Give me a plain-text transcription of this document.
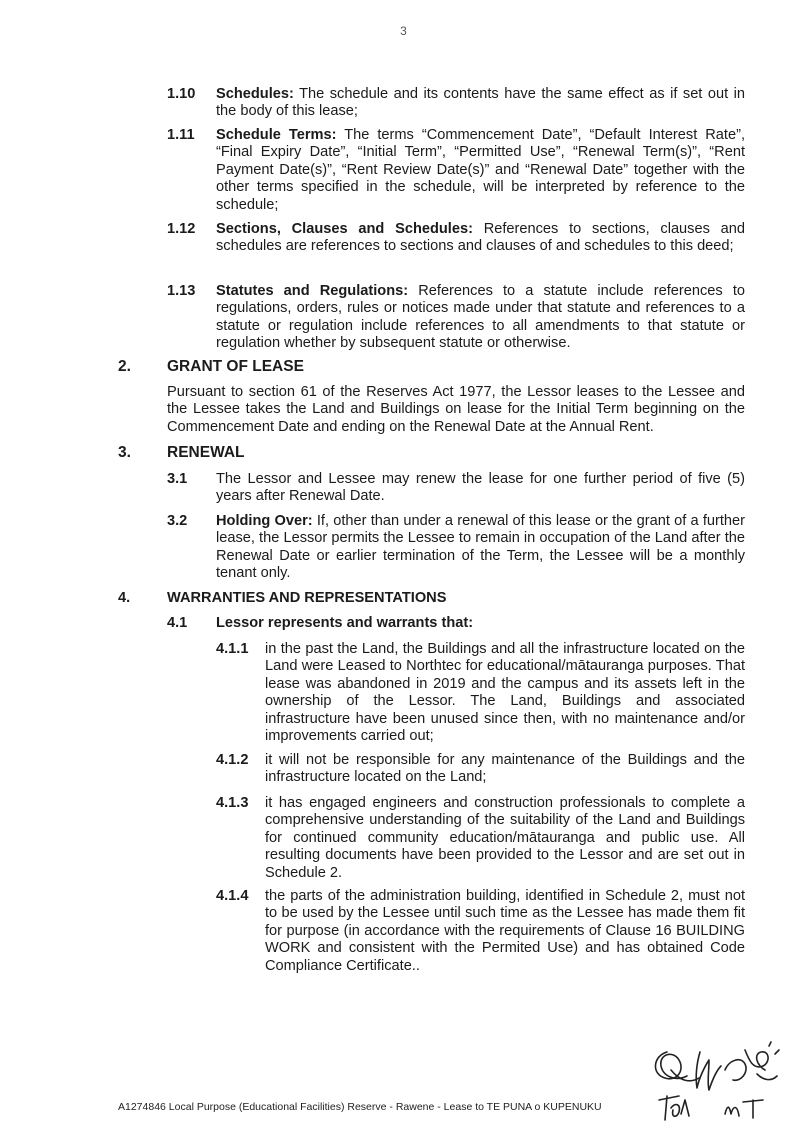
3
1.10 Schedules: The schedule and its contents have the same effect as if set out in the body of this lease;
1.11 Schedule Terms: The terms “Commencement Date”, “Default Interest Rate”, “Final Expiry Date”, “Initial Term”, “Permitted Use”, “Renewal Term(s)”, “Rent Payment Date(s)”, “Rent Review Date(s)” and “Renewal Date” together with the other terms specified in the schedule, will be interpreted by reference to the schedule;
1.12 Sections, Clauses and Schedules: References to sections, clauses and schedules are references to sections and clauses of and schedules to this deed;
1.13 Statutes and Regulations: References to a statute include references to regulations, orders, rules or notices made under that statute and references to a statute or regulation include references to all amendments to that statute or regulation whether by subsequent statute or otherwise.
2. GRANT OF LEASE
Pursuant to section 61 of the Reserves Act 1977, the Lessor leases to the Lessee and the Lessee takes the Land and Buildings on lease for the Initial Term beginning on the Commencement Date and ending on the Renewal Date at the Annual Rent.
3. RENEWAL
3.1 The Lessor and Lessee may renew the lease for one further period of five (5) years after Renewal Date.
3.2 Holding Over: If, other than under a renewal of this lease or the grant of a further lease, the Lessor permits the Lessee to remain in occupation of the Land after the Renewal Date or earlier termination of the Term, the Lessee will be a monthly tenant only.
4.	WARRANTIES AND REPRESENTATIONS
4.1 Lessor represents and warrants that:
4.1.1 in the past the Land, the Buildings and all the infrastructure located on the Land were Leased to Northtec for educational/mātauranga purposes. That lease was abandoned in 2019 and the campus and its assets left in the ownership of the Lessor. The Land, Buildings and associated infrastructure have been unused since then, with no maintenance and/or improvements carried out;
4.1.2 it will not be responsible for any maintenance of the Buildings and the infrastructure located on the Land;
4.1.3 it has engaged engineers and construction professionals to complete a comprehensive understanding of the suitability of the Land and Buildings for continued community education/mātauranga and public use. All resulting documents have been provided to the Lessor and are set out in Schedule 2.
4.1.4 the parts of the administration building, identified in Schedule 2, must not to be used by the Lessee until such time as the Lessee has made them fit for purpose (in accordance with the requirements of Clause 16 BUILDING WORK and consistent with the Permited Use) and has obtained Code Compliance Certificate..
A1274846 Local Purpose (Educational Facilities) Reserve - Rawene - Lease to TE PUNA o KUPENUKU
